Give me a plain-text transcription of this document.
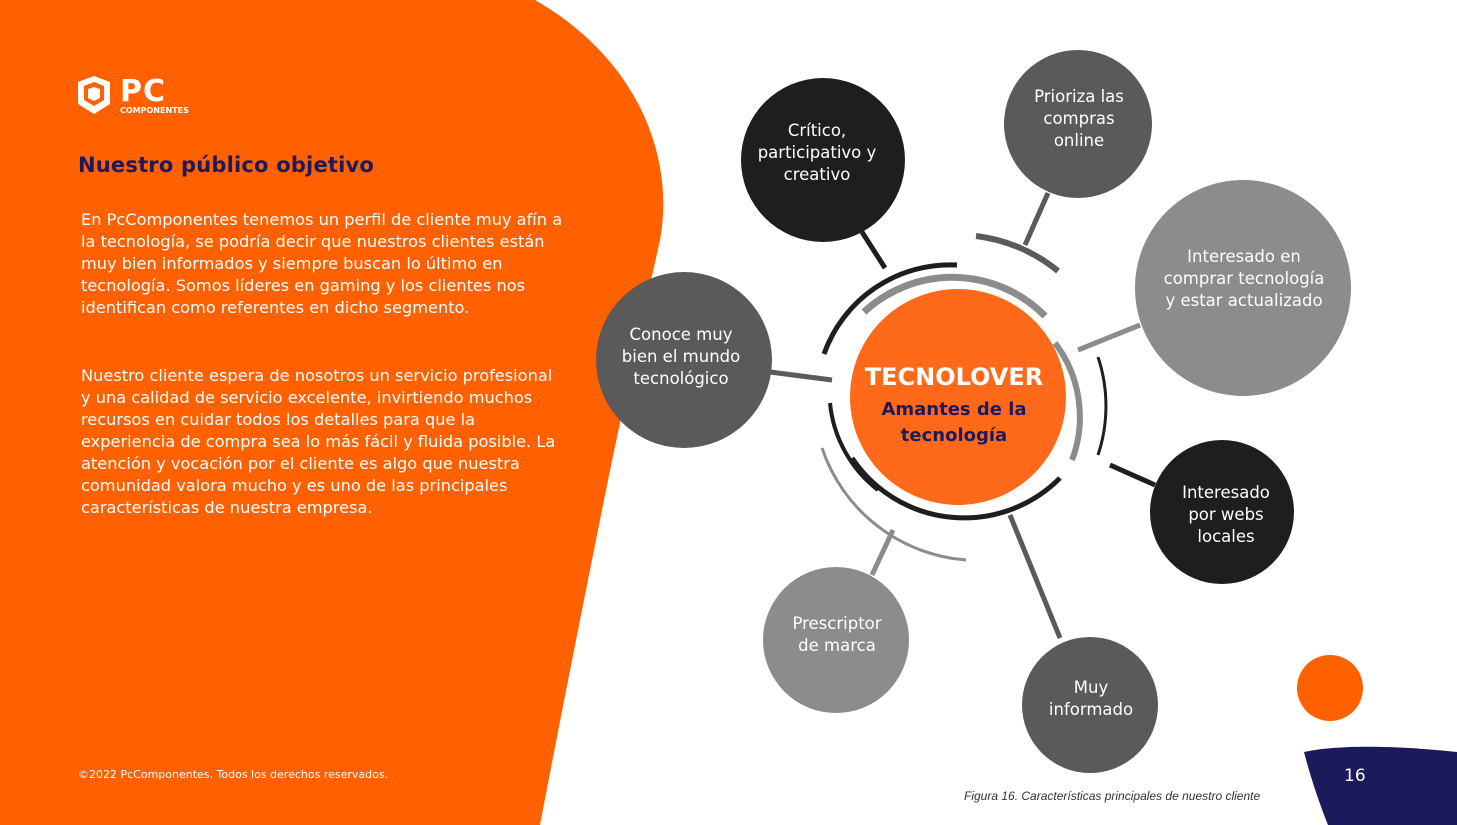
PC
COMPONENTES
Nuestro público objetivo

En PcComponentes tenemos un perfil de cliente muy afín a la tecnología, se podría decir que nuestros clientes están muy bien informados y siempre buscan lo último en tecnología. Somos líderes en gaming y los clientes nos identifican como referentes en dicho segmento.

Nuestro cliente espera de nosotros un servicio profesional y una calidad de servicio excelente, invirtiendo muchos recursos en cuidar todos los detalles para que la experiencia de compra sea lo más fácil y fluida posible. La atención y vocación por el cliente es algo que nuestra comunidad valora mucho y es uno de las principales características de nuestra empresa.

Crítico,
participativo y
creativo
Prioriza las
compras
online
Interesado en
comprar tecnología
y estar actualizado
Interesado
por webs
locales
Muy
informado
Prescriptor
de marca
Conoce muy
bien el mundo
tecnológico	TECNOLOVER
Amantes de la
tecnología
Figura 16. Características principales de nuestro cliente
©2022 PcComponentes. Todos los derechos reservados.	16
